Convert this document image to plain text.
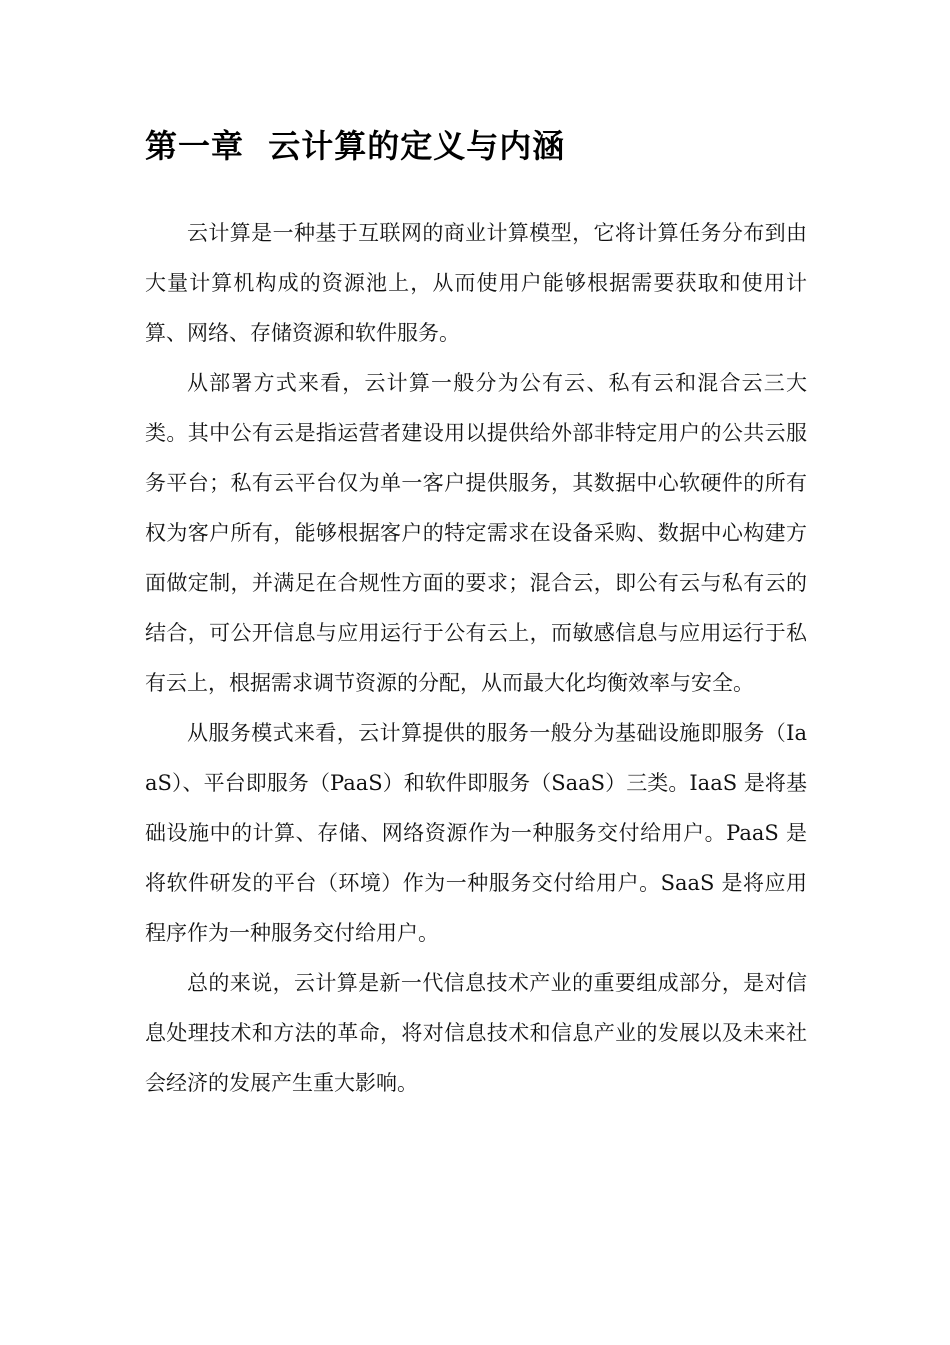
第一章  云计算的定义与内涵

云计算是一种基于互联网的商业计算模型，它将计算任务分布到由大量计算机构成的资源池上，从而使用户能够根据需要获取和使用计算、网络、存储资源和软件服务。

从部署方式来看，云计算一般分为公有云、私有云和混合云三大类。其中公有云是指运营者建设用以提供给外部非特定用户的公共云服务平台；私有云平台仅为单一客户提供服务，其数据中心软硬件的所有权为客户所有，能够根据客户的特定需求在设备采购、数据中心构建方面做定制，并满足在合规性方面的要求；混合云，即公有云与私有云的结合，可公开信息与应用运行于公有云上，而敏感信息与应用运行于私有云上，根据需求调节资源的分配，从而最大化均衡效率与安全。

从服务模式来看，云计算提供的服务一般分为基础设施即服务（IaaS）、平台即服务（PaaS）和软件即服务（SaaS）三类。IaaS 是将基础设施中的计算、存储、网络资源作为一种服务交付给用户。PaaS 是将软件研发的平台（环境）作为一种服务交付给用户。SaaS 是将应用程序作为一种服务交付给用户。

总的来说，云计算是新一代信息技术产业的重要组成部分，是对信息处理技术和方法的革命，将对信息技术和信息产业的发展以及未来社会经济的发展产生重大影响。
